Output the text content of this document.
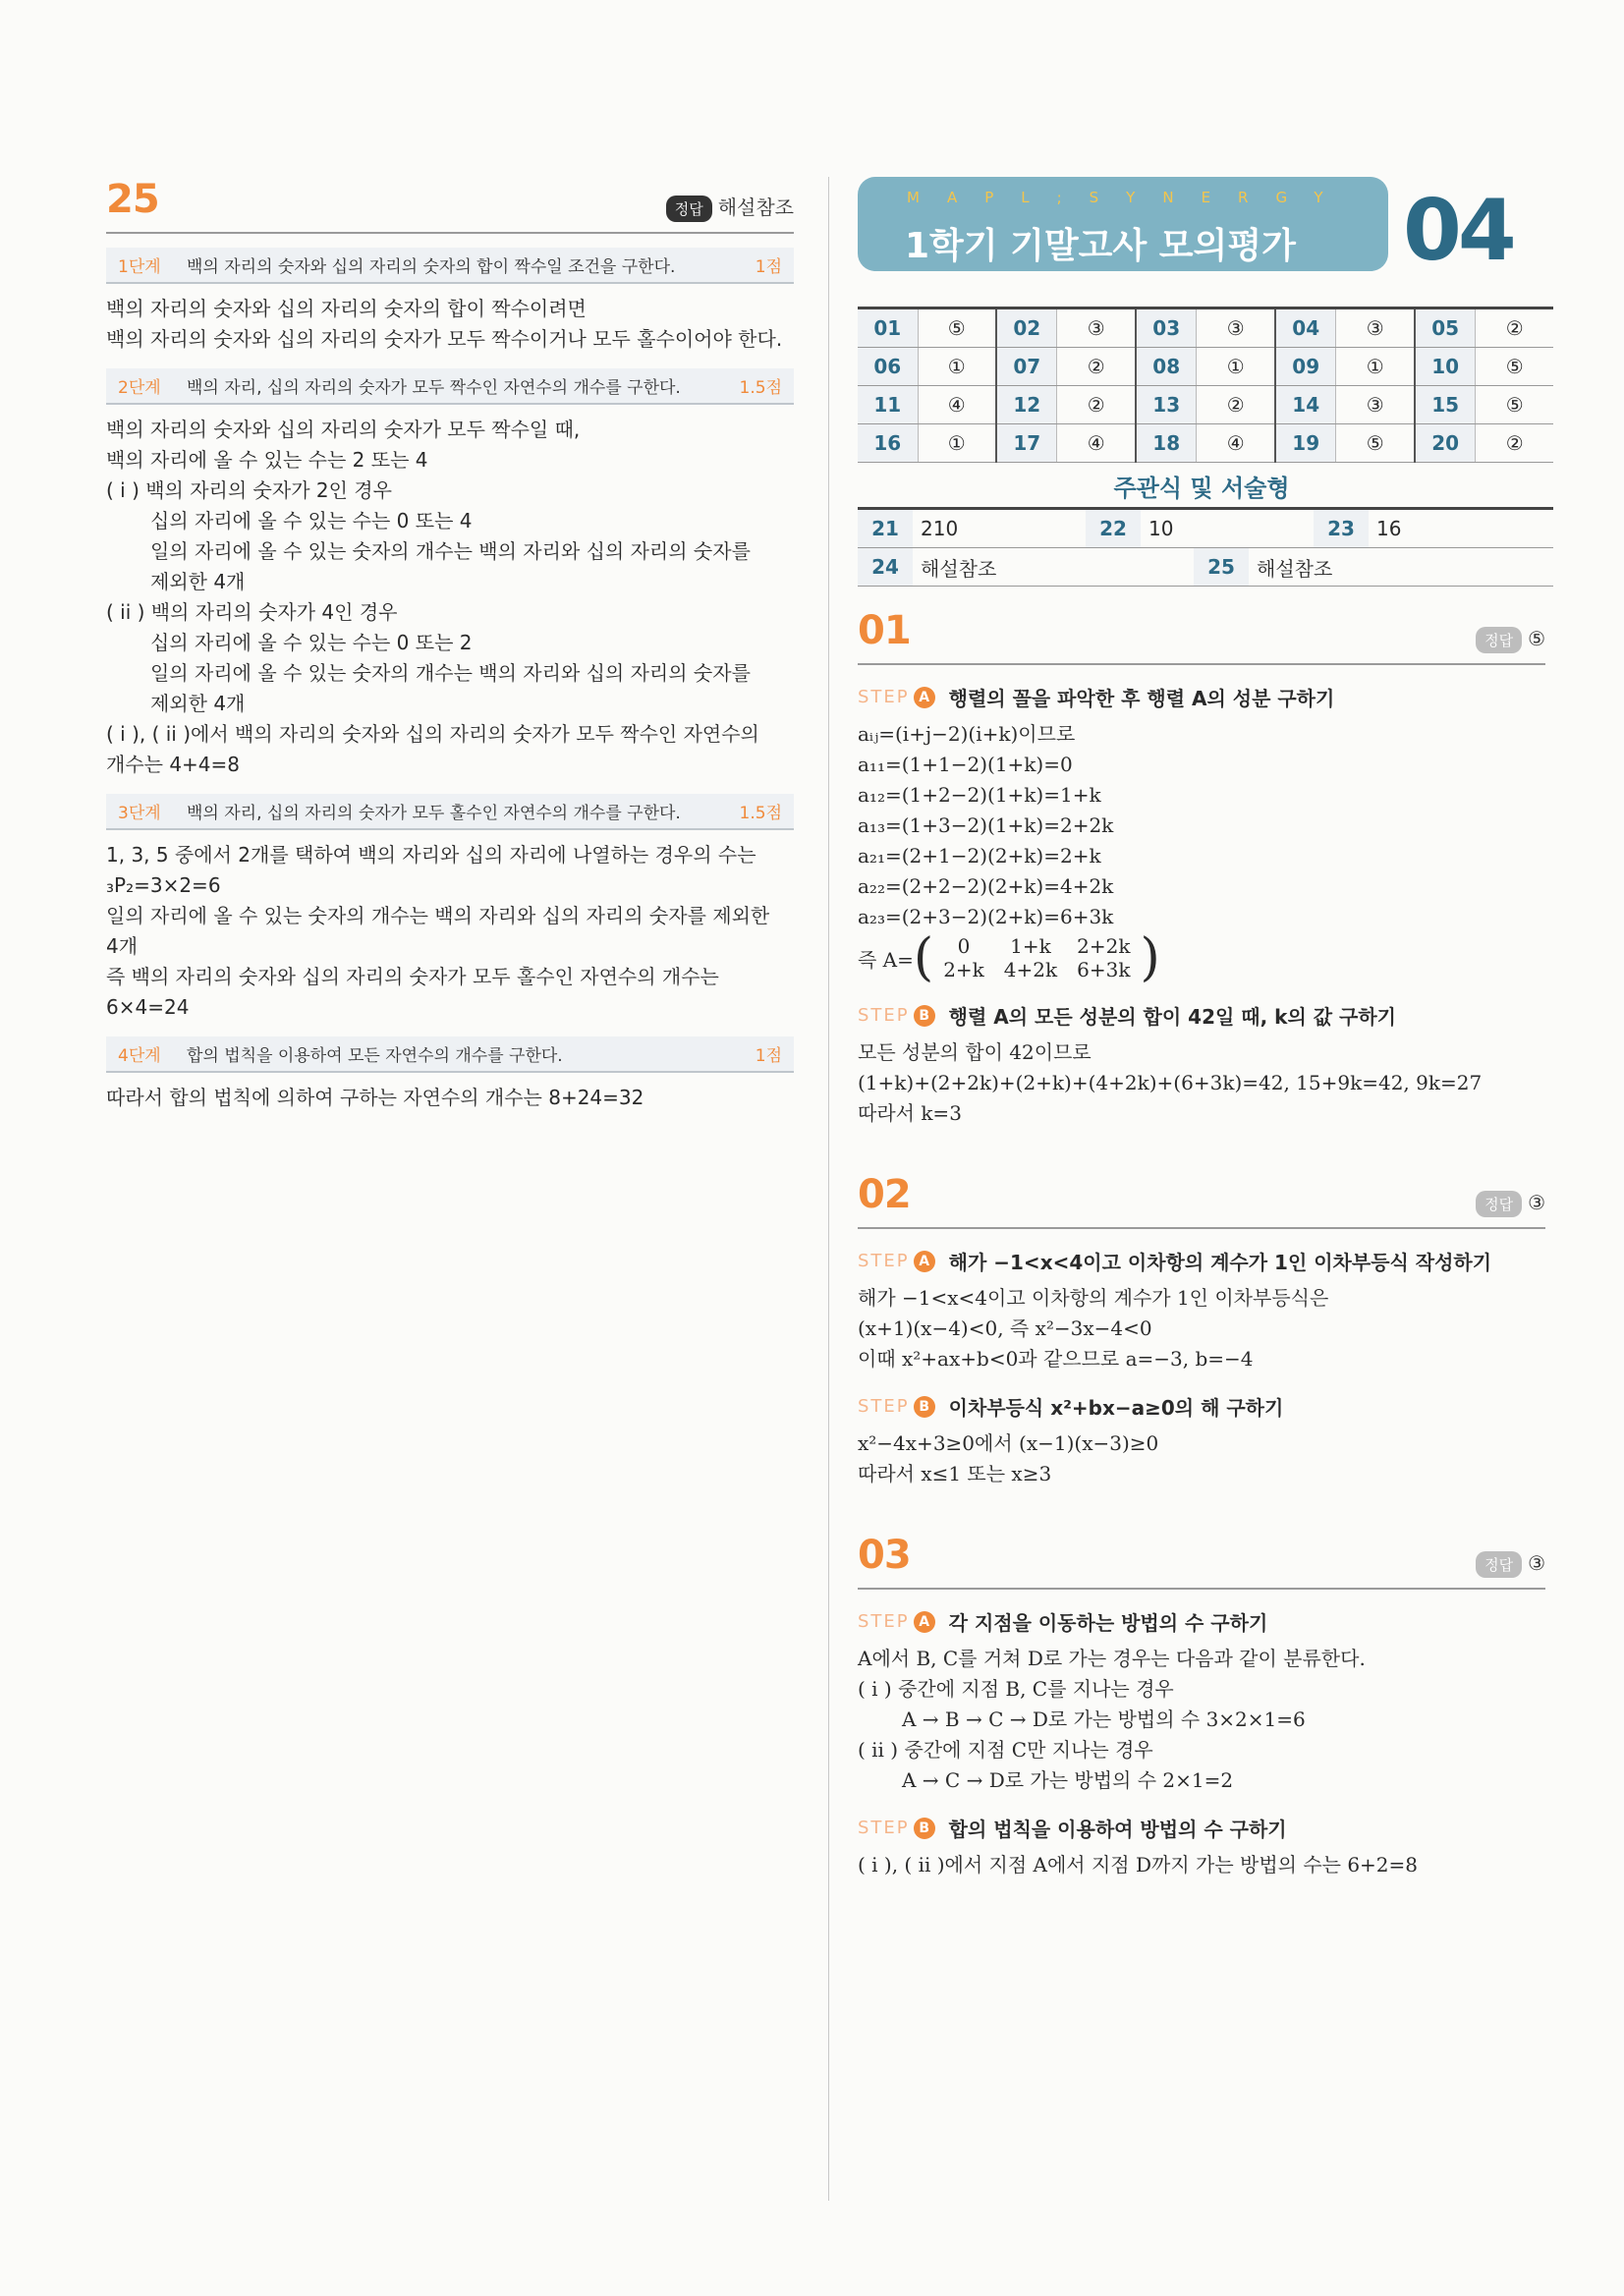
25	정답 해설참조
1단계	백의 자리의 숫자와 십의 자리의 숫자의 합이 짝수일 조건을 구한다.	1점

백의 자리의 숫자와 십의 자리의 숫자의 합이 짝수이려면

백의 자리의 숫자와 십의 자리의 숫자가 모두 짝수이거나 모두 홀수이어야 한다.

2단계	백의 자리, 십의 자리의 숫자가 모두 짝수인 자연수의 개수를 구한다.	1.5점

백의 자리의 숫자와 십의 자리의 숫자가 모두 짝수일 때,

백의 자리에 올 수 있는 수는 2 또는 4

( i ) 백의 자리의 숫자가 2인 경우

십의 자리에 올 수 있는 수는 0 또는 4

일의 자리에 올 수 있는 숫자의 개수는 백의 자리와 십의 자리의 숫자를

제외한 4개

( ii ) 백의 자리의 숫자가 4인 경우

십의 자리에 올 수 있는 수는 0 또는 2

일의 자리에 올 수 있는 숫자의 개수는 백의 자리와 십의 자리의 숫자를

제외한 4개

( i ), ( ii )에서 백의 자리의 숫자와 십의 자리의 숫자가 모두 짝수인 자연수의

개수는 4+4=8

3단계	백의 자리, 십의 자리의 숫자가 모두 홀수인 자연수의 개수를 구한다.	1.5점

1, 3, 5 중에서 2개를 택하여 백의 자리와 십의 자리에 나열하는 경우의 수는

₃P₂=3×2=6

일의 자리에 올 수 있는 숫자의 개수는 백의 자리와 십의 자리의 숫자를 제외한

4개

즉 백의 자리의 숫자와 십의 자리의 숫자가 모두 홀수인 자연수의 개수는

6×4=24

4단계	합의 법칙을 이용하여 모든 자연수의 개수를 구한다.	1점

따라서 합의 법칙에 의하여 구하는 자연수의 개수는 8+24=32

MAPL;SYNERGY
1학기 기말고사 모의평가 04
01	⑤	02	③	03	③	04	③	05	②
06	①	07	②	08	①	09	①	10	⑤
11	④	12	②	13	②	14	③	15	⑤
16	①	17	④	18	④	19	⑤	20	②
주관식 및 서술형
21	210	22	10	23	16
24	해설참조	25	해설참조
01	정답 ⑤
STEP A 행렬의 꼴을 파악한 후 행렬 A의 성분 구하기

aᵢⱼ=(i+j−2)(i+k)이므로

a₁₁=(1+1−2)(1+k)=0

a₁₂=(1+2−2)(1+k)=1+k

a₁₃=(1+3−2)(1+k)=2+2k

a₂₁=(2+1−2)(2+k)=2+k

a₂₂=(2+2−2)(2+k)=4+2k

a₂₃=(2+3−2)(2+k)=6+3k

즉 A= ( 0	1+k	2+2k
2+k	4+2k	6+3k )
STEP B 행렬 A의 모든 성분의 합이 42일 때, k의 값 구하기

모든 성분의 합이 42이므로

(1+k)+(2+2k)+(2+k)+(4+2k)+(6+3k)=42, 15+9k=42, 9k=27

따라서 k=3

02	정답 ③
STEP A 해가 −1<x<4이고 이차항의 계수가 1인 이차부등식 작성하기

해가 −1<x<4이고 이차항의 계수가 1인 이차부등식은

(x+1)(x−4)<0, 즉 x²−3x−4<0

이때 x²+ax+b<0과 같으므로 a=−3, b=−4

STEP B 이차부등식 x²+bx−a≥0의 해 구하기

x²−4x+3≥0에서 (x−1)(x−3)≥0

따라서 x≤1 또는 x≥3

03	정답 ③
STEP A 각 지점을 이동하는 방법의 수 구하기

A에서 B, C를 거쳐 D로 가는 경우는 다음과 같이 분류한다.

( i ) 중간에 지점 B, C를 지나는 경우

A → B → C → D로 가는 방법의 수 3×2×1=6

( ii ) 중간에 지점 C만 지나는 경우

A → C → D로 가는 방법의 수 2×1=2

STEP B 합의 법칙을 이용하여 방법의 수 구하기

( i ), ( ii )에서 지점 A에서 지점 D까지 가는 방법의 수는 6+2=8
